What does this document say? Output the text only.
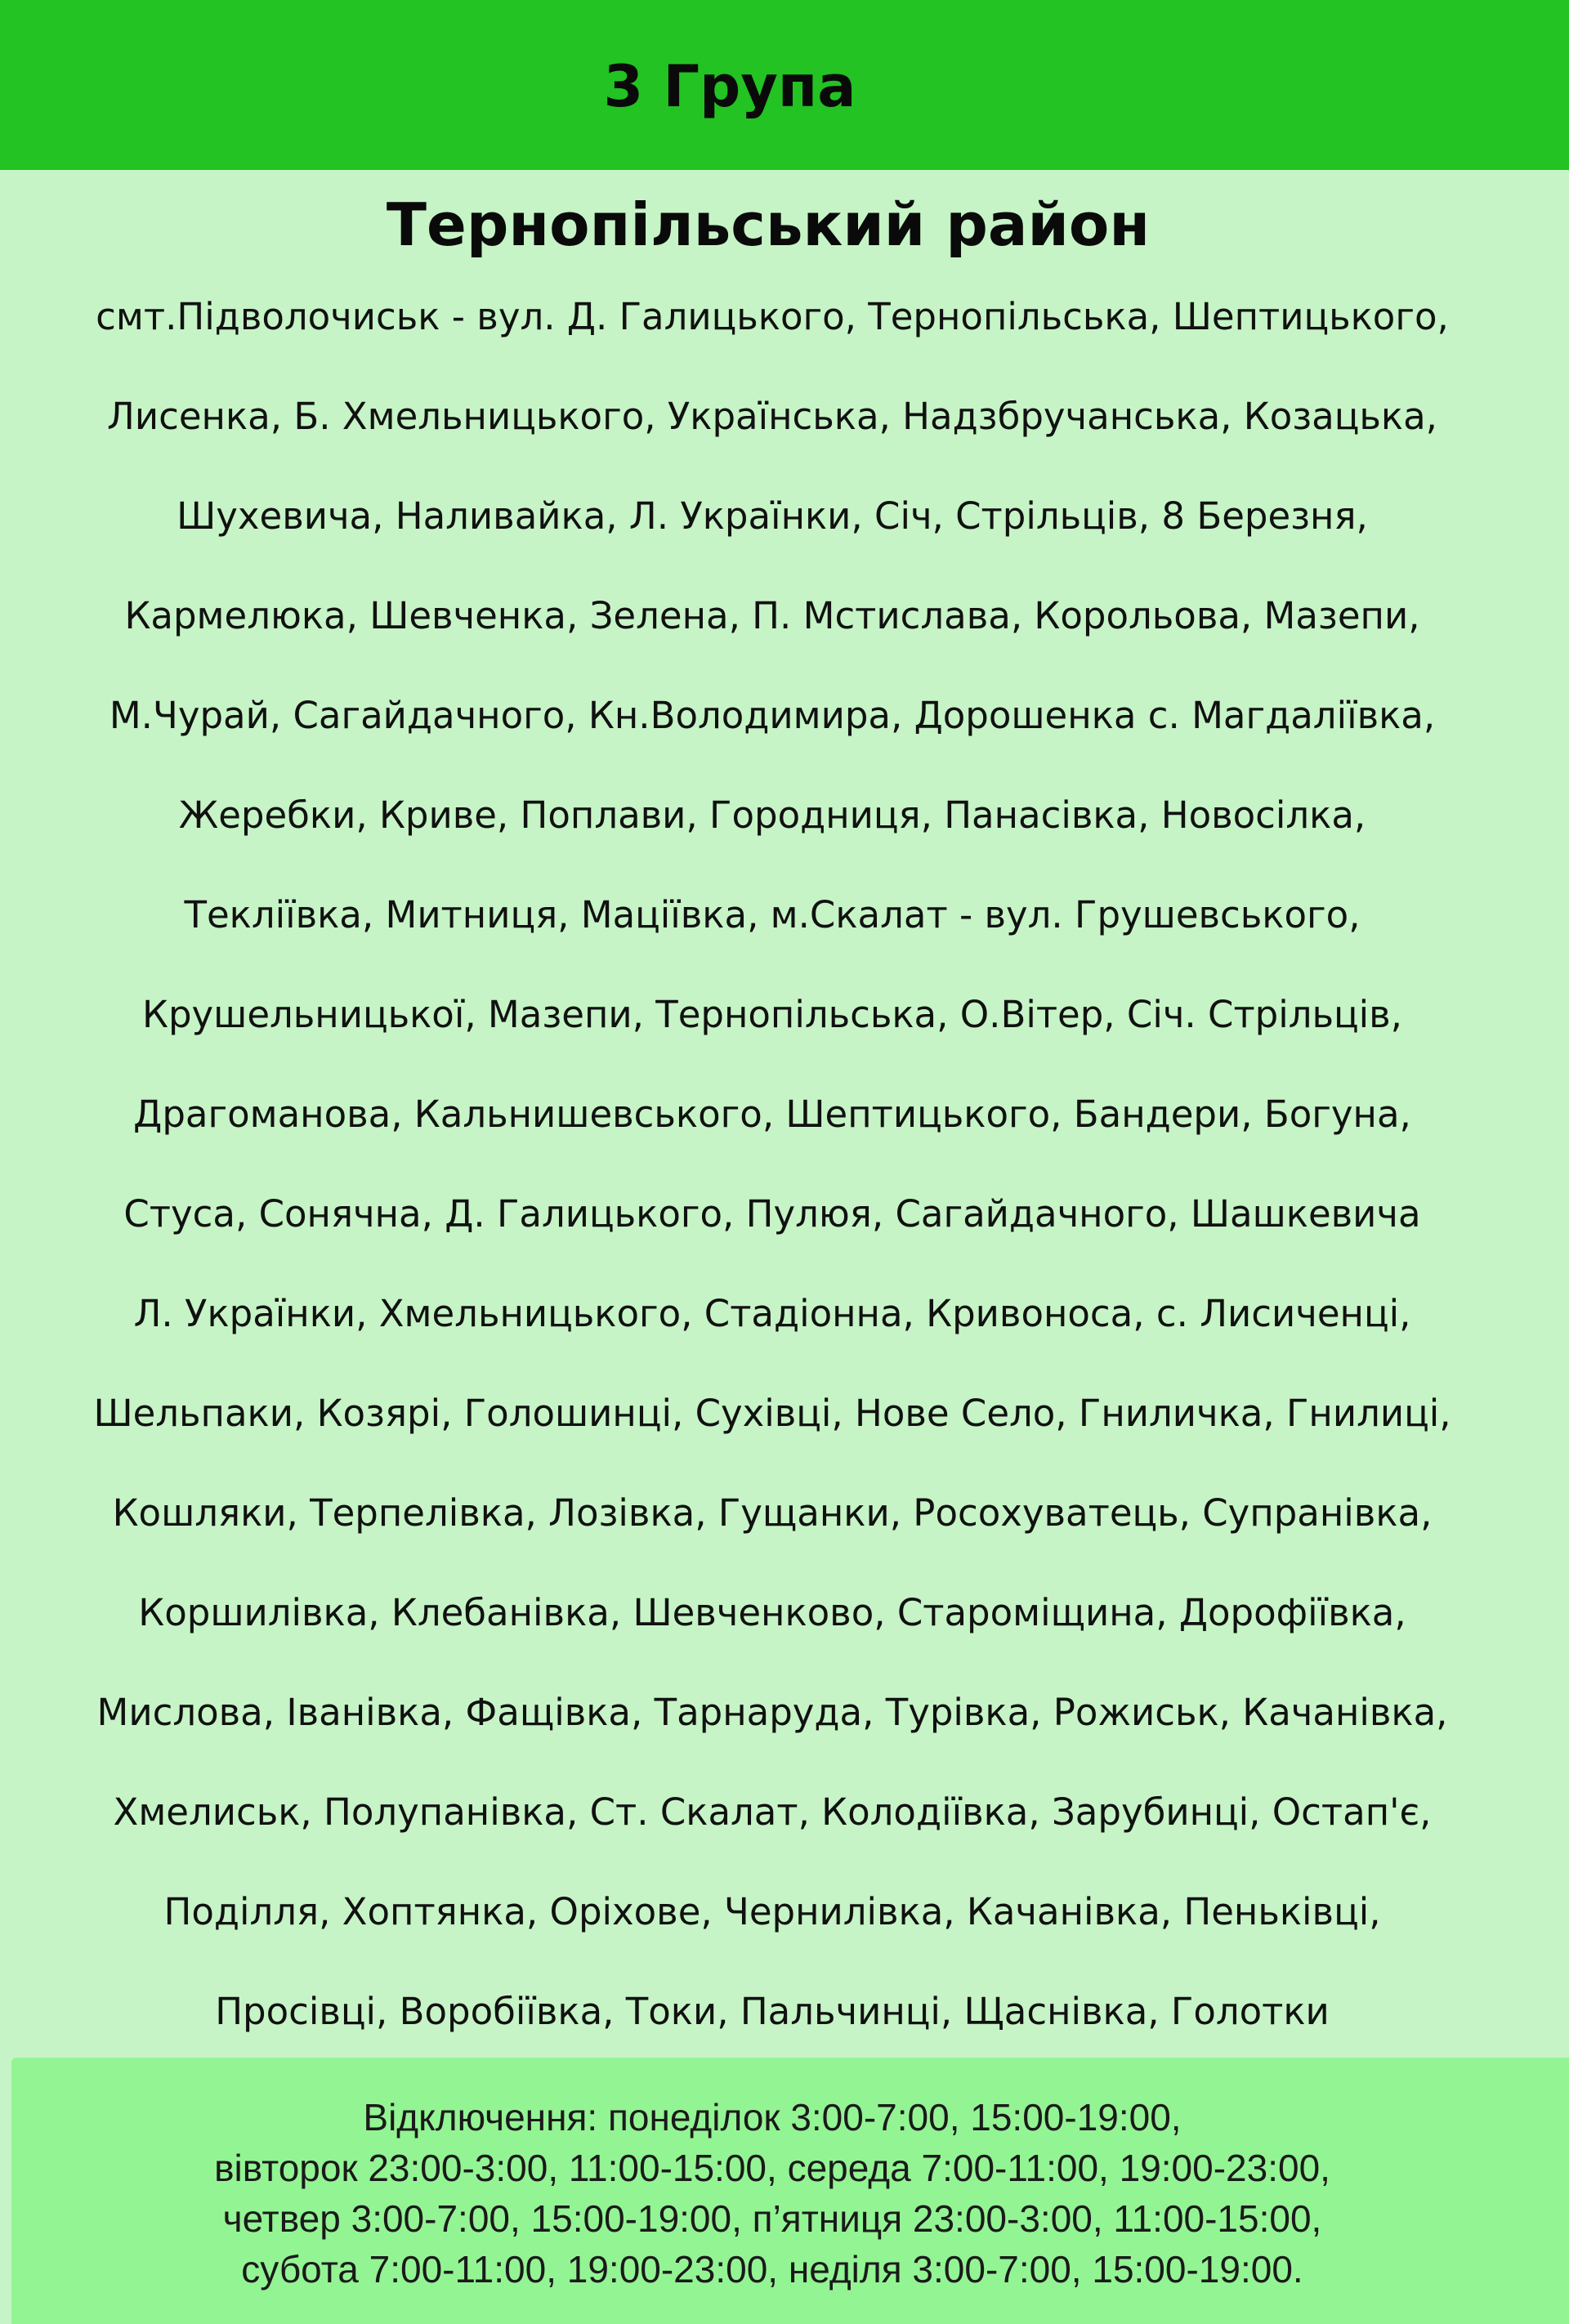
3 Група
Тернопільський район
смт.Підволочиськ - вул. Д. Галицького, Тернопільська, Шептицького,
Лисенка, Б. Хмельницького, Українська, Надзбручанська, Козацька,
Шухевича, Наливайка, Л. Українки, Січ, Стрільців, 8 Березня,
Кармелюка, Шевченка, Зелена, П. Мстислава, Корольова, Мазепи,
М.Чурай, Сагайдачного, Кн.Володимира, Дорошенка с. Магдаліївка,
Жеребки, Криве, Поплави, Городниця, Панасівка, Новосілка,
Текліївка, Митниця, Маціївка, м.Скалат - вул. Грушевського,
Крушельницької, Мазепи, Тернопільська, О.Вітер, Січ. Стрільців,
Драгоманова, Кальнишевського, Шептицького, Бандери, Богуна,
Стуса, Сонячна, Д. Галицького, Пулюя, Сагайдачного, Шашкевича
Л. Українки, Хмельницького, Стадіонна, Кривоноса, с. Лисиченці,
Шельпаки, Козярі, Голошинці, Сухівці, Нове Село, Гниличка, Гнилиці,
Кошляки, Терпелівка, Лозівка, Гущанки, Росохуватець, Супранівка,
Коршилівка, Клебанівка, Шевченково, Староміщина, Дорофіївка,
Мислова, Іванівка, Фащівка, Тарнаруда, Турівка, Рожиськ, Качанівка,
Хмелиськ, Полупанівка, Ст. Скалат, Колодіївка, Зарубинці, Остап'є,
Поділля, Хоптянка, Оріхове, Чернилівка, Качанівка, Пеньківці,
Просівці, Воробіївка, Токи, Пальчинці, Щаснівка, Голотки
Відключення: понеділок 3:00-7:00, 15:00-19:00,
вівторок 23:00-3:00, 11:00-15:00, середа 7:00-11:00, 19:00-23:00,
четвер 3:00-7:00, 15:00-19:00, п’ятниця 23:00-3:00, 11:00-15:00,
субота 7:00-11:00, 19:00-23:00, неділя 3:00-7:00, 15:00-19:00.
